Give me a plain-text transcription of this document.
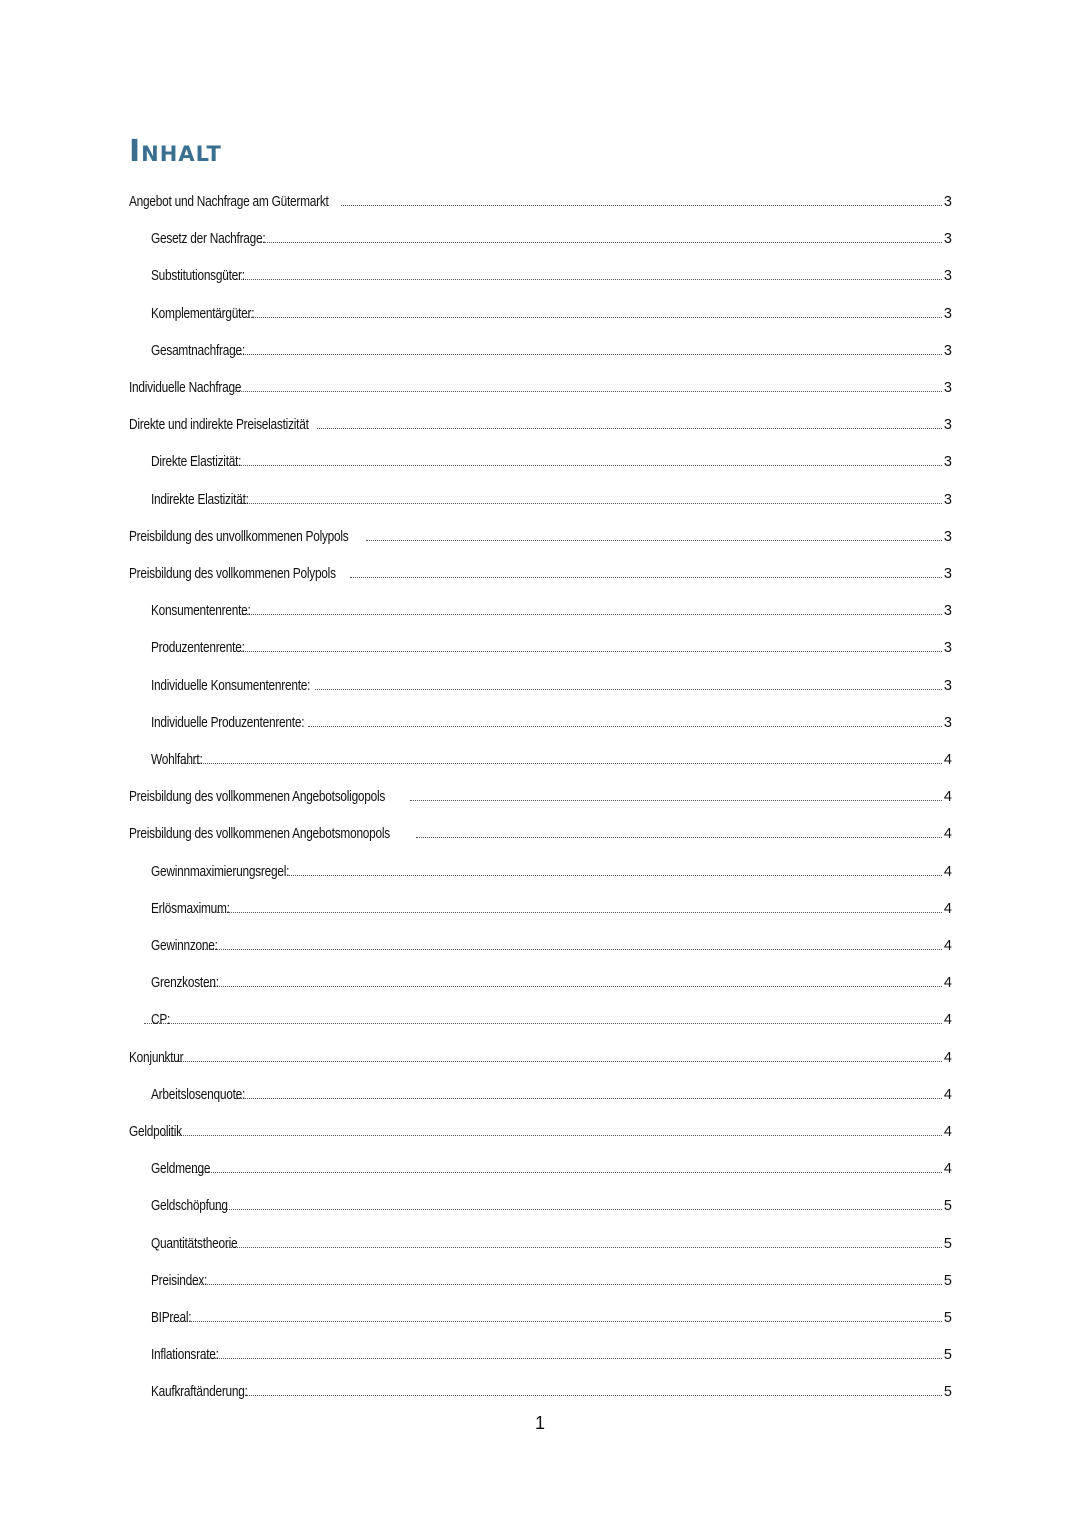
Inhalt
Angebot und Nachfrage am Gütermarkt	3
Gesetz der Nachfrage:	3
Substitutionsgüter:	3
Komplementärgüter:	3
Gesamtnachfrage:	3
Individuelle Nachfrage	3
Direkte und indirekte Preiselastizität	3
Direkte Elastizität:	3
Indirekte Elastizität:	3
Preisbildung des unvollkommenen Polypols	3
Preisbildung des vollkommenen Polypols	3
Konsumentenrente:	3
Produzentenrente:	3
Individuelle Konsumentenrente:	3
Individuelle Produzentenrente:	3
Wohlfahrt:	4
Preisbildung des vollkommenen Angebotsoligopols	4
Preisbildung des vollkommenen Angebotsmonopols	4
Gewinnmaximierungsregel:	4
Erlösmaximum:	4
Gewinnzone:	4
Grenzkosten:	4
CP:	4
Konjunktur	4
Arbeitslosenquote:	4
Geldpolitik	4
Geldmenge	4
Geldschöpfung	5
Quantitätstheorie	5
Preisindex:	5
BIPreal:	5
Inflationsrate:	5
Kaufkraftänderung:	5
1
